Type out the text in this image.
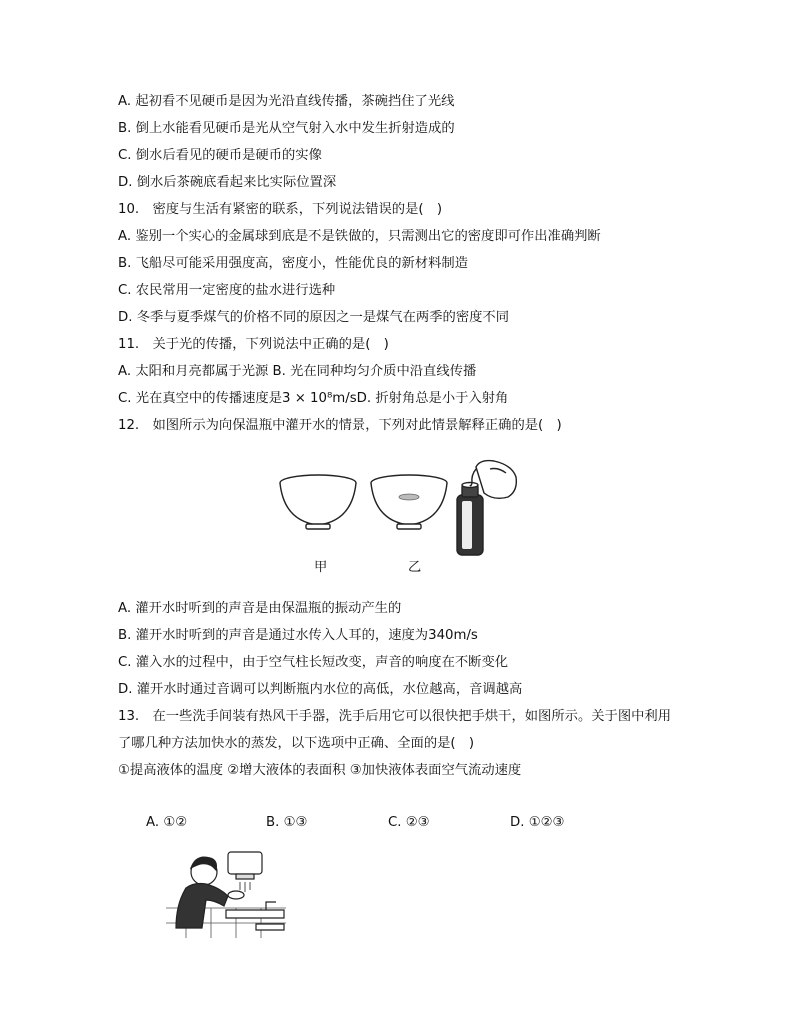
A. 起初看不见硬币是因为光沿直线传播，茶碗挡住了光线
B. 倒上水能看见硬币是光从空气射入水中发生折射造成的
C. 倒水后看见的硬币是硬币的实像
D. 倒水后茶碗底看起来比实际位置深
10.　密度与生活有紧密的联系，下列说法错误的是(　)
A. 鉴别一个实心的金属球到底是不是铁做的，只需测出它的密度即可作出准确判断
B. 飞船尽可能采用强度高，密度小，性能优良的新材料制造
C. 农民常用一定密度的盐水进行选种
D. 冬季与夏季煤气的价格不同的原因之一是煤气在两季的密度不同
11.　关于光的传播，下列说法中正确的是(　)
A. 太阳和月亮都属于光源 B. 光在同种均匀介质中沿直线传播
C. 光在真空中的传播速度是3 × 10⁸m/sD. 折射角总是小于入射角
12.　如图所示为向保温瓶中灌开水的情景，下列对此情景解释正确的是(　)
甲	乙
A. 灌开水时听到的声音是由保温瓶的振动产生的
B. 灌开水时听到的声音是通过水传入人耳的，速度为340m/s
C. 灌入水的过程中，由于空气柱长短改变，声音的响度在不断变化
D. 灌开水时通过音调可以判断瓶内水位的高低，水位越高，音调越高
13.　在一些洗手间装有热风干手器，洗手后用它可以很快把手烘干，如图所示。关于图中利用
了哪几种方法加快水的蒸发，以下选项中正确、全面的是(　)
①提高液体的温度 ②增大液体的表面积 ③加快液体表面空气流动速度
A. ①②	B. ①③	C. ②③	D. ①②③
